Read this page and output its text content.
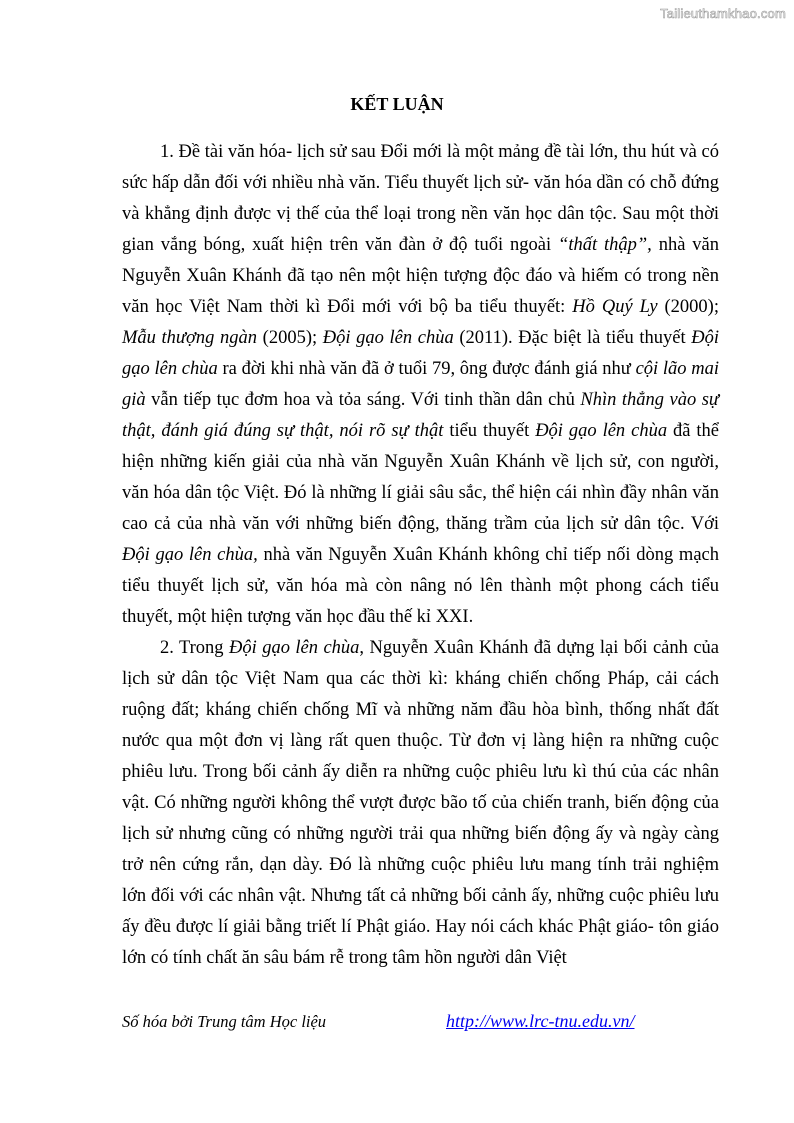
Tailieuthamkhao.com
KẾT LUẬN

1. Đề tài văn hóa- lịch sử sau Đổi mới là một mảng đề tài lớn, thu hút và có sức hấp dẫn đối với nhiều nhà văn. Tiểu thuyết lịch sử- văn hóa dần có chỗ đứng và khẳng định được vị thế của thể loại trong nền văn học dân tộc. Sau một thời gian vắng bóng, xuất hiện trên văn đàn ở độ tuổi ngoài “thất thập”, nhà văn Nguyễn Xuân Khánh đã tạo nên một hiện tượng độc đáo và hiếm có trong nền văn học Việt Nam thời kì Đổi mới với bộ ba tiểu thuyết: Hồ Quý Ly (2000); Mẫu thượng ngàn (2005); Đội gạo lên chùa (2011). Đặc biệt là tiểu thuyết Đội gạo lên chùa ra đời khi nhà văn đã ở tuổi 79, ông được đánh giá như cội lão mai già vẫn tiếp tục đơm hoa và tỏa sáng. Với tinh thần dân chủ Nhìn thẳng vào sự thật, đánh giá đúng sự thật, nói rõ sự thật tiểu thuyết Đội gạo lên chùa đã thể hiện những kiến giải của nhà văn Nguyễn Xuân Khánh về lịch sử, con người, văn hóa dân tộc Việt. Đó là những lí giải sâu sắc, thể hiện cái nhìn đầy nhân văn cao cả của nhà văn với những biến động, thăng trầm của lịch sử dân tộc. Với Đội gạo lên chùa, nhà văn Nguyễn Xuân Khánh không chỉ tiếp nối dòng mạch tiểu thuyết lịch sử, văn hóa mà còn nâng nó lên thành một phong cách tiểu thuyết, một hiện tượng văn học đầu thế kỉ XXI.

2. Trong Đội gạo lên chùa, Nguyễn Xuân Khánh đã dựng lại bối cảnh của lịch sử dân tộc Việt Nam qua các thời kì: kháng chiến chống Pháp, cải cách ruộng đất; kháng chiến chống Mĩ và những năm đầu hòa bình, thống nhất đất nước qua một đơn vị làng rất quen thuộc. Từ đơn vị làng hiện ra những cuộc phiêu lưu. Trong bối cảnh ấy diễn ra những cuộc phiêu lưu kì thú của các nhân vật. Có những người không thể vượt được bão tố của chiến tranh, biến động của lịch sử nhưng cũng có những người trải qua những biến động ấy và ngày càng trở nên cứng rắn, dạn dày. Đó là những cuộc phiêu lưu mang tính trải nghiệm lớn đối với các nhân vật. Nhưng tất cả những bối cảnh ấy, những cuộc phiêu lưu ấy đều được lí giải bằng triết lí Phật giáo. Hay nói cách khác Phật giáo- tôn giáo lớn có tính chất ăn sâu bám rễ trong tâm hồn người dân Việt

Số hóa bởi Trung tâm Học liệu	http://www.lrc-tnu.edu.vn/
